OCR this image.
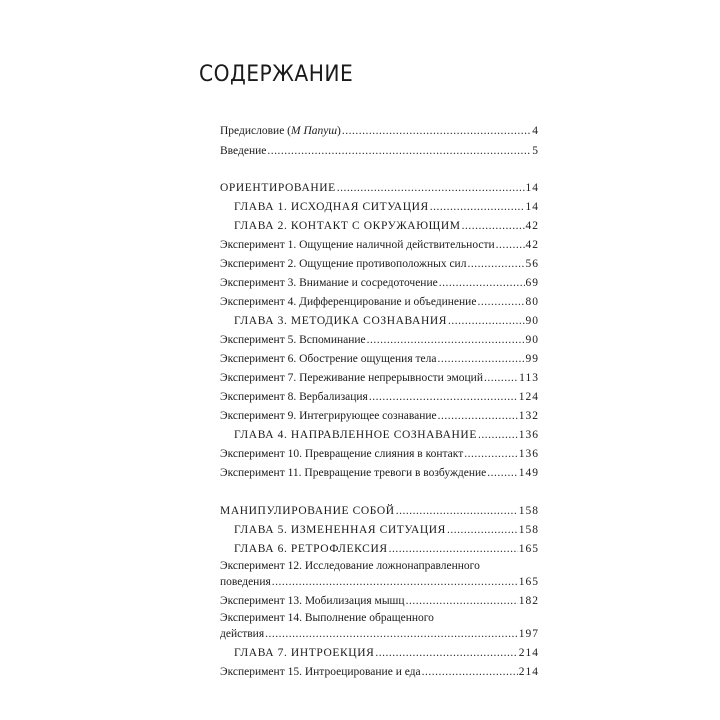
СОДЕРЖАНИЕ
Предисловие (М Папуш) .....	4
Введение .....	5
ОРИЕНТИРОВАНИЕ .....	14
ГЛАВА 1. ИСХОДНАЯ СИТУАЦИЯ .....	14
ГЛАВА 2. КОНТАКТ С ОКРУЖАЮЩИМ .....	42
Эксперимент 1. Ощущение наличной действительности .....	42
Эксперимент 2. Ощущение противоположных сил .....	56
Эксперимент 3. Внимание и сосредоточение .....	69
Эксперимент 4. Дифференцирование и объединение .....	80
ГЛАВА 3. МЕТОДИКА СОЗНАВАНИЯ .....	90
Эксперимент 5. Вспоминание .....	90
Эксперимент 6. Обострение ощущения тела .....	99
Эксперимент 7. Переживание непрерывности эмоций .....	113
Эксперимент 8. Вербализация .....	124
Эксперимент 9. Интегрирующее сознавание .....	132
ГЛАВА 4. НАПРАВЛЕННОЕ СОЗНАВАНИЕ .....	136
Эксперимент 10. Превращение слияния в контакт .....	136
Эксперимент 11. Превращение тревоги в возбуждение .....	149
МАНИПУЛИРОВАНИЕ СОБОЙ .....	158
ГЛАВА 5. ИЗМЕНЕННАЯ СИТУАЦИЯ .....	158
ГЛАВА 6. РЕТРОФЛЕКСИЯ .....	165
Эксперимент 12. Исследование ложнонаправленного
поведения .....	165
Эксперимент 13. Мобилизация мышц .....	182
Эксперимент 14. Выполнение обращенного
действия .....	197
ГЛАВА 7. ИНТРОЕКЦИЯ .....	214
Эксперимент 15. Интроецирование и еда .....	214
